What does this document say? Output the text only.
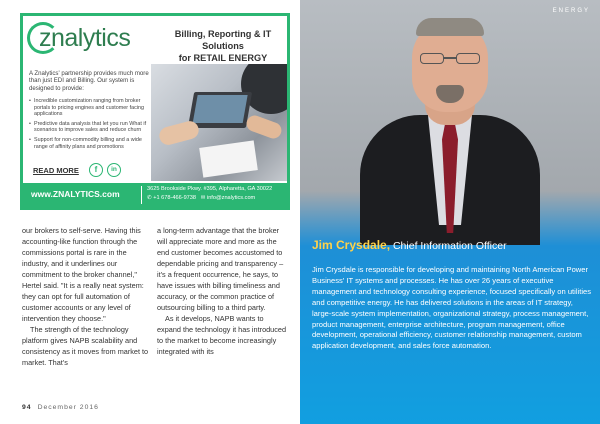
znalytics	Billing, Reporting & IT Solutions
for RETAIL ENERGY
A Znalytics' partnership provides much more than just EDI and Billing. Our system is designed to provide:
• Incredible customization ranging from broker portals to pricing engines and customer facing applications
• Predictive data analysis that let you run What if scenarios to improve sales and reduce churn
• Support for non-commodity billing and a wide range of affinity plans and promotions
READ MORE	f	in
www.ZNALYTICS.com	3625 Brookside Pkwy. #395, Alpharetta, GA 30022
✆ +1 678-466-9738 ✉ info@znalytics.com

our brokers to self-serve. Having this accounting-like function through the commissions portal is rare in the industry, and it underlines our commitment to the broker channel," Hertel said. "It is a really neat system: they can opt for full automation of customer accounts or any level of intervention they choose."

The strength of the technology platform gives NAPB scalability and consistency as it moves from market to market. That's

a long-term advantage that the broker will appreciate more and more as the end customer becomes accustomed to dependable pricing and transparency – it's a frequent occurrence, he says, to have issues with billing timeliness and accuracy, or the common practice of outsourcing billing to a third party.

As it develops, NAPB wants to expand the technology it has introduced to the market to become increasingly integrated with its

94 December 2016
ENERGY
Jim Crysdale, Chief Information Officer

Jim Crysdale is responsible for developing and maintaining North American Power Business' IT systems and processes. He has over 26 years of executive management and technology consulting experience, focused specifically on utilities and competitive energy. He has delivered solutions in the areas of IT strategy, large-scale system implementation, organizational strategy, process management, product management, enterprise architecture, program management, office development, operational efficiency, customer relationship management, custom application development, and sales force automation.
